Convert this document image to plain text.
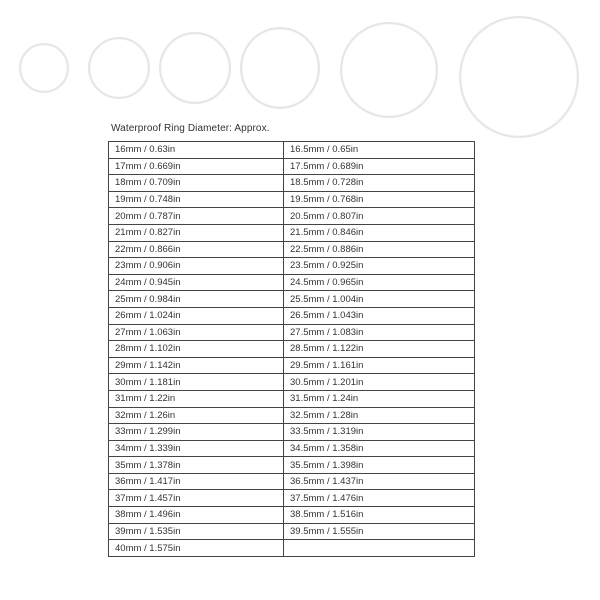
Waterproof Ring Diameter: Approx.
16mm / 0.63in	16.5mm / 0.65in
17mm / 0.669in	17.5mm / 0.689in
18mm / 0.709in	18.5mm / 0.728in
19mm / 0.748in	19.5mm / 0.768in
20mm / 0.787in	20.5mm / 0.807in
21mm / 0.827in	21.5mm / 0.846in
22mm / 0.866in	22.5mm / 0.886in
23mm / 0.906in	23.5mm / 0.925in
24mm / 0.945in	24.5mm / 0.965in
25mm / 0.984in	25.5mm / 1.004in
26mm / 1.024in	26.5mm / 1.043in
27mm / 1.063in	27.5mm / 1.083in
28mm / 1.102in	28.5mm / 1.122in
29mm / 1.142in	29.5mm / 1.161in
30mm / 1.181in	30.5mm / 1.201in
31mm / 1.22in	31.5mm / 1.24in
32mm / 1.26in	32.5mm / 1.28in
33mm / 1.299in	33.5mm / 1.319in
34mm / 1.339in	34.5mm / 1.358in
35mm / 1.378in	35.5mm / 1.398in
36mm / 1.417in	36.5mm / 1.437in
37mm / 1.457in	37.5mm / 1.476in
38mm / 1.496in	38.5mm / 1.516in
39mm / 1.535in	39.5mm / 1.555in
40mm / 1.575in	
